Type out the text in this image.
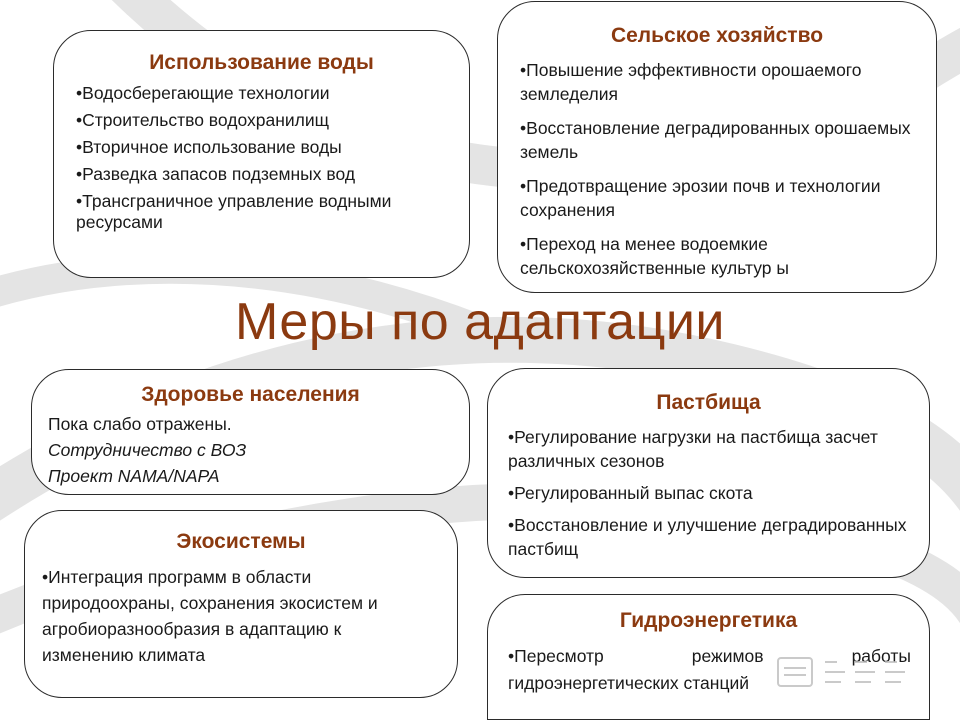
Использование воды
• Водосберегающие технологии
• Строительство водохранилищ
• Вторичное использование воды
• Разведка запасов подземных вод
• Трансграничное управление водными ресурсами
Сельское хозяйство
• Повышение эффективности орошаемого земледелия
• Восстановление деградированных орошаемых земель
• Предотвращение эрозии почв и технологии сохранения
• Переход на менее водоемкие сельскохозяйственные культур ы
Меры по адаптации
Здоровье населения
Пока слабо отражены.
Сотрудничество с ВОЗ
Проект NAMA/NAPA
Пастбища
• Регулирование нагрузки на пастбища засчет различных сезонов
• Регулированный выпас скота
• Восстановление и улучшение деградированных пастбищ
Экосистемы
• Интеграция программ в области природоохраны, сохранения экосистем и агробиоразнообразия в адаптацию к изменению климата
Гидроэнергетика
• Пересмотр режимов работы гидроэнергетических станций
